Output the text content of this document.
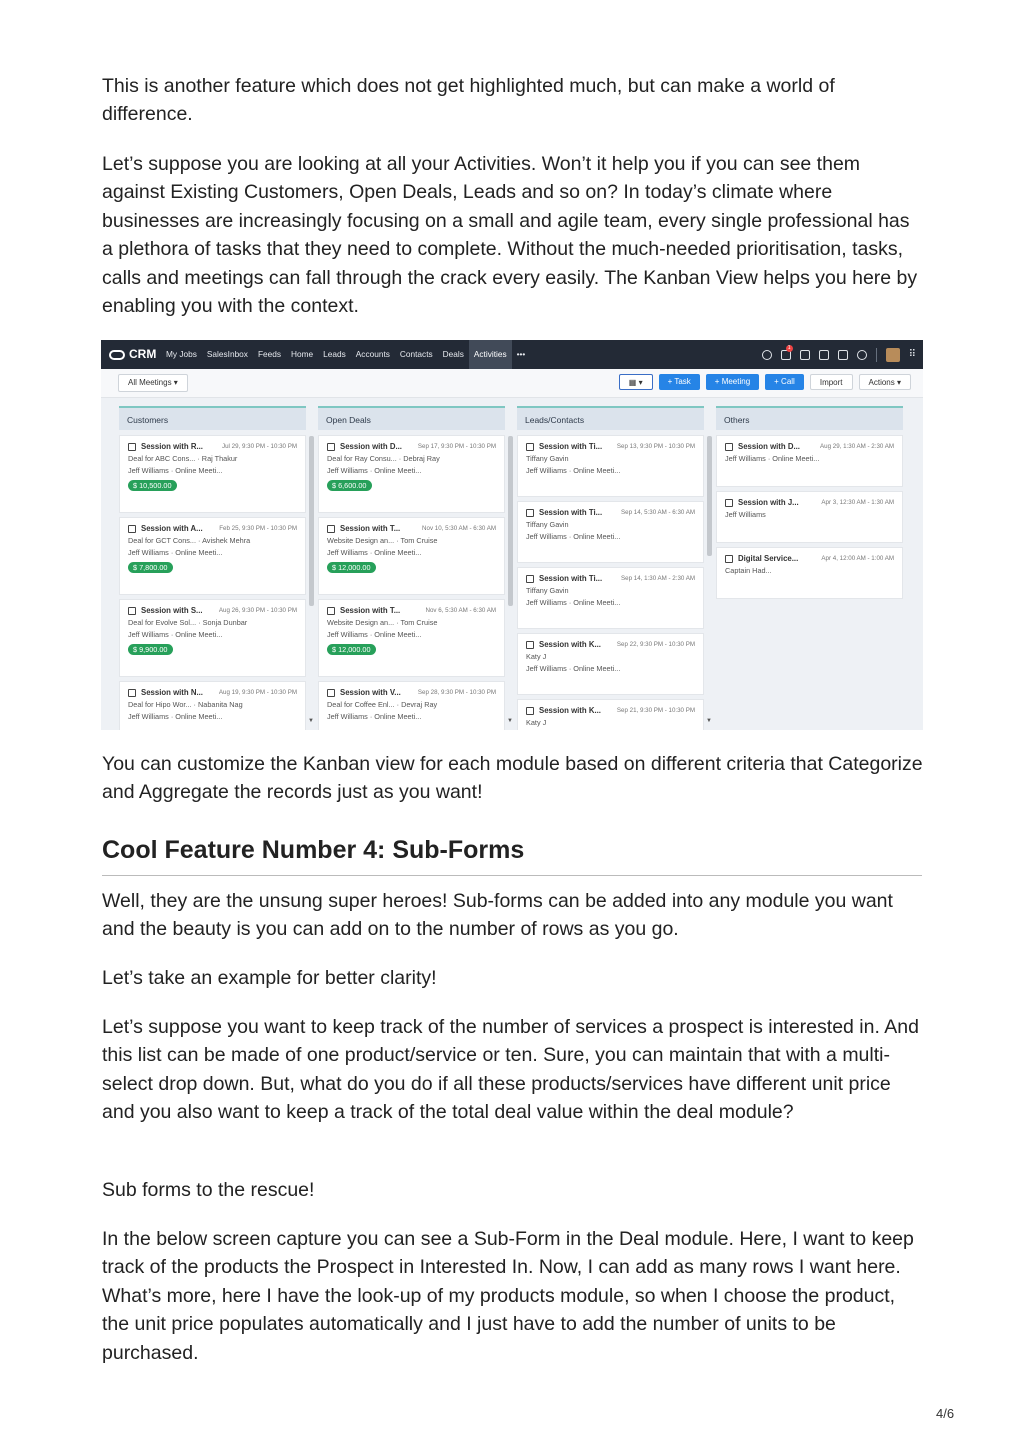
This is another feature which does not get highlighted much, but can make a world of difference.

Let’s suppose you are looking at all your Activities. Won’t it help you if you can see them against Existing Customers, Open Deals, Leads and so on? In today’s climate where businesses are increasingly focusing on a small and agile team, every single professional has a plethora of tasks that they need to complete. Without the much-needed prioritisation, tasks, calls and meetings can fall through the crack every easily. The Kanban View helps you here by enabling you with the context.

CRM	My Jobs	SalesInbox	Feeds	Home	Leads	Accounts	Contacts	Deals	Activities	•••
1
⠿
All Meetings ▾	▦ ▾	+ Task	+ Meeting	+ Call	Import	Actions ▾
Customers
Session with R...	Jul 29, 9:30 PM - 10:30 PM
Deal for ABC Cons... · Raj Thakur
Jeff Williams · Online Meeti...
$ 10,500.00
Session with A...	Feb 25, 9:30 PM - 10:30 PM
Deal for GCT Cons... · Avishek Mehra
Jeff Williams · Online Meeti...
$ 7,800.00
Session with S...	Aug 26, 9:30 PM - 10:30 PM
Deal for Evolve Sol... · Sonja Dunbar
Jeff Williams · Online Meeti...
$ 9,900.00
Session with N...	Aug 19, 9:30 PM - 10:30 PM
Deal for Hipo Wor... · Nabanita Nag
Jeff Williams · Online Meeti...	▼
Open Deals
Session with D...	Sep 17, 9:30 PM - 10:30 PM
Deal for Ray Consu... · Debraj Ray
Jeff Williams · Online Meeti...
$ 6,600.00
Session with T...	Nov 10, 5:30 AM - 6:30 AM
Website Design an... · Tom Cruise
Jeff Williams · Online Meeti...
$ 12,000.00
Session with T...	Nov 6, 5:30 AM - 6:30 AM
Website Design an... · Tom Cruise
Jeff Williams · Online Meeti...
$ 12,000.00
Session with V...	Sep 28, 9:30 PM - 10:30 PM
Deal for Coffee Enl... · Devraj Ray
Jeff Williams · Online Meeti...	▼
Leads/Contacts
Session with Ti... Sep 13, 9:30 PM - 10:30 PM
Tiffany Gavin
Jeff Williams · Online Meeti...
Session with Ti...	Sep 14, 5:30 AM - 6:30 AM
Tiffany Gavin
Jeff Williams · Online Meeti...
Session with Ti...	Sep 14, 1:30 AM - 2:30 AM
Tiffany Gavin
Jeff Williams · Online Meeti...
Session with K...	Sep 22, 9:30 PM - 10:30 PM
Katy J
Jeff Williams · Online Meeti...
Session with K...	Sep 21, 9:30 PM - 10:30 PM
Katy J	▼
Others
Session with D...	Aug 29, 1:30 AM - 2:30 AM
Jeff Williams · Online Meeti...
Session with J...	Apr 3, 12:30 AM - 1:30 AM
Jeff Williams
Digital Service...	Apr 4, 12:00 AM - 1:00 AM
Captain Had...

You can customize the Kanban view for each module based on different criteria that Categorize and Aggregate the records just as you want!

Cool Feature Number 4: Sub-Forms

Well, they are the unsung super heroes! Sub-forms can be added into any module you want and the beauty is you can add on to the number of rows as you go.

Let’s take an example for better clarity!

Let’s suppose you want to keep track of the number of services a prospect is interested in. And this list can be made of one product/service or ten. Sure, you can maintain that with a multi-select drop down. But, what do you do if all these products/services have different unit price and you also want to keep a track of the total deal value within the deal module?

Sub forms to the rescue!

In the below screen capture you can see a Sub-Form in the Deal module. Here, I want to keep track of the products the Prospect in Interested In. Now, I can add as many rows I want here. What’s more, here I have the look-up of my products module, so when I choose the product, the unit price populates automatically and I just have to add the number of units to be purchased.

4/6
